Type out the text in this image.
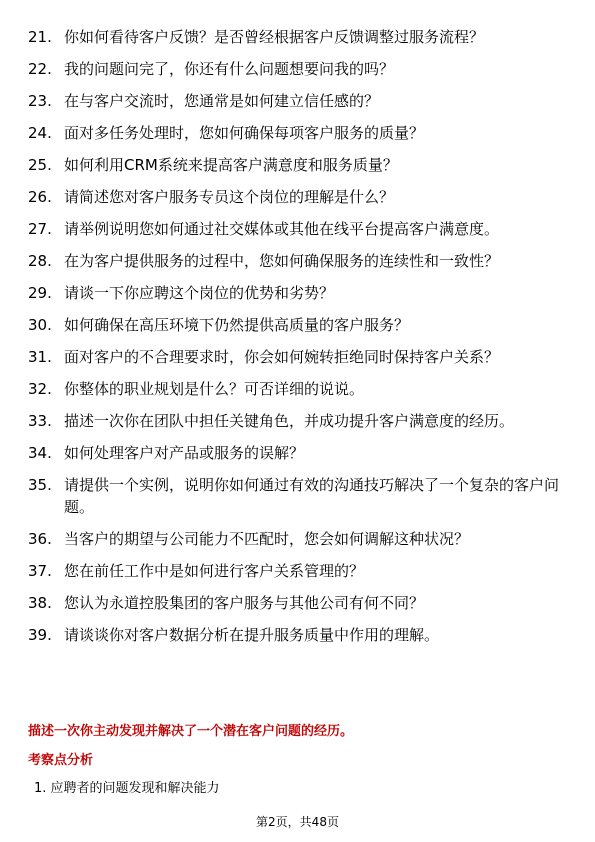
21. 你如何看待客户反馈？是否曾经根据客户反馈调整过服务流程？
22. 我的问题问完了，你还有什么问题想要问我的吗？
23. 在与客户交流时，您通常是如何建立信任感的？
24. 面对多任务处理时，您如何确保每项客户服务的质量？
25. 如何利用CRM系统来提高客户满意度和服务质量？
26. 请简述您对客户服务专员这个岗位的理解是什么？
27. 请举例说明您如何通过社交媒体或其他在线平台提高客户满意度。
28. 在为客户提供服务的过程中，您如何确保服务的连续性和一致性？
29. 请谈一下你应聘这个岗位的优势和劣势？
30. 如何确保在高压环境下仍然提供高质量的客户服务？
31. 面对客户的不合理要求时，你会如何婉转拒绝同时保持客户关系？
32. 你整体的职业规划是什么？可否详细的说说。
33. 描述一次你在团队中担任关键角色，并成功提升客户满意度的经历。
34. 如何处理客户对产品或服务的误解？
35. 请提供一个实例，说明你如何通过有效的沟通技巧解决了一个复杂的客户问题。
36. 当客户的期望与公司能力不匹配时，您会如何调解这种状况？
37. 您在前任工作中是如何进行客户关系管理的？
38. 您认为永道控股集团的客户服务与其他公司有何不同？
39. 请谈谈你对客户数据分析在提升服务质量中作用的理解。
描述一次你主动发现并解决了一个潜在客户问题的经历。
考察点分析
1. 应聘者的问题发现和解决能力
第2页，共48页
